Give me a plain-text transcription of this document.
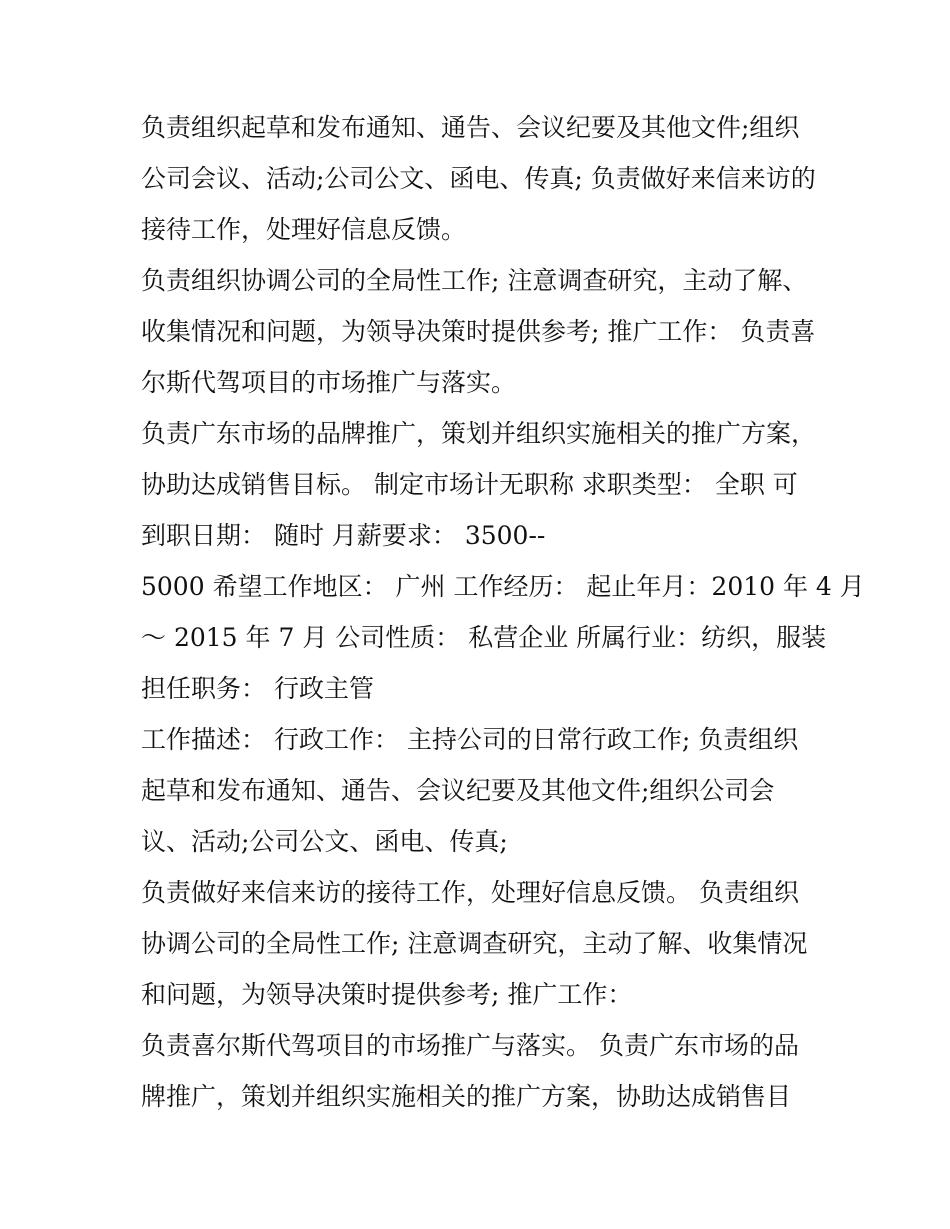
负责组织起草和发布通知、通告、会议纪要及其他文件;组织
公司会议、活动;公司公文、函电、传真; 负责做好来信来访的
接待工作，处理好信息反馈。
负责组织协调公司的全局性工作; 注意调查研究，主动了解、
收集情况和问题，为领导决策时提供参考; 推广工作： 负责喜
尔斯代驾项目的市场推广与落实。
负责广东市场的品牌推广，策划并组织实施相关的推广方案，
协助达成销售目标。 制定市场计无职称 求职类型： 全职 可
到职日期： 随时 月薪要求： 3500--
5000 希望工作地区： 广州 工作经历： 起止年月：2010 年 4 月
～ 2015 年 7 月 公司性质： 私营企业 所属行业：纺织，服装
担任职务： 行政主管
工作描述： 行政工作： 主持公司的日常行政工作; 负责组织
起草和发布通知、通告、会议纪要及其他文件;组织公司会
议、活动;公司公文、函电、传真;
负责做好来信来访的接待工作，处理好信息反馈。 负责组织
协调公司的全局性工作; 注意调查研究，主动了解、收集情况
和问题，为领导决策时提供参考; 推广工作：
负责喜尔斯代驾项目的市场推广与落实。 负责广东市场的品
牌推广，策划并组织实施相关的推广方案，协助达成销售目
